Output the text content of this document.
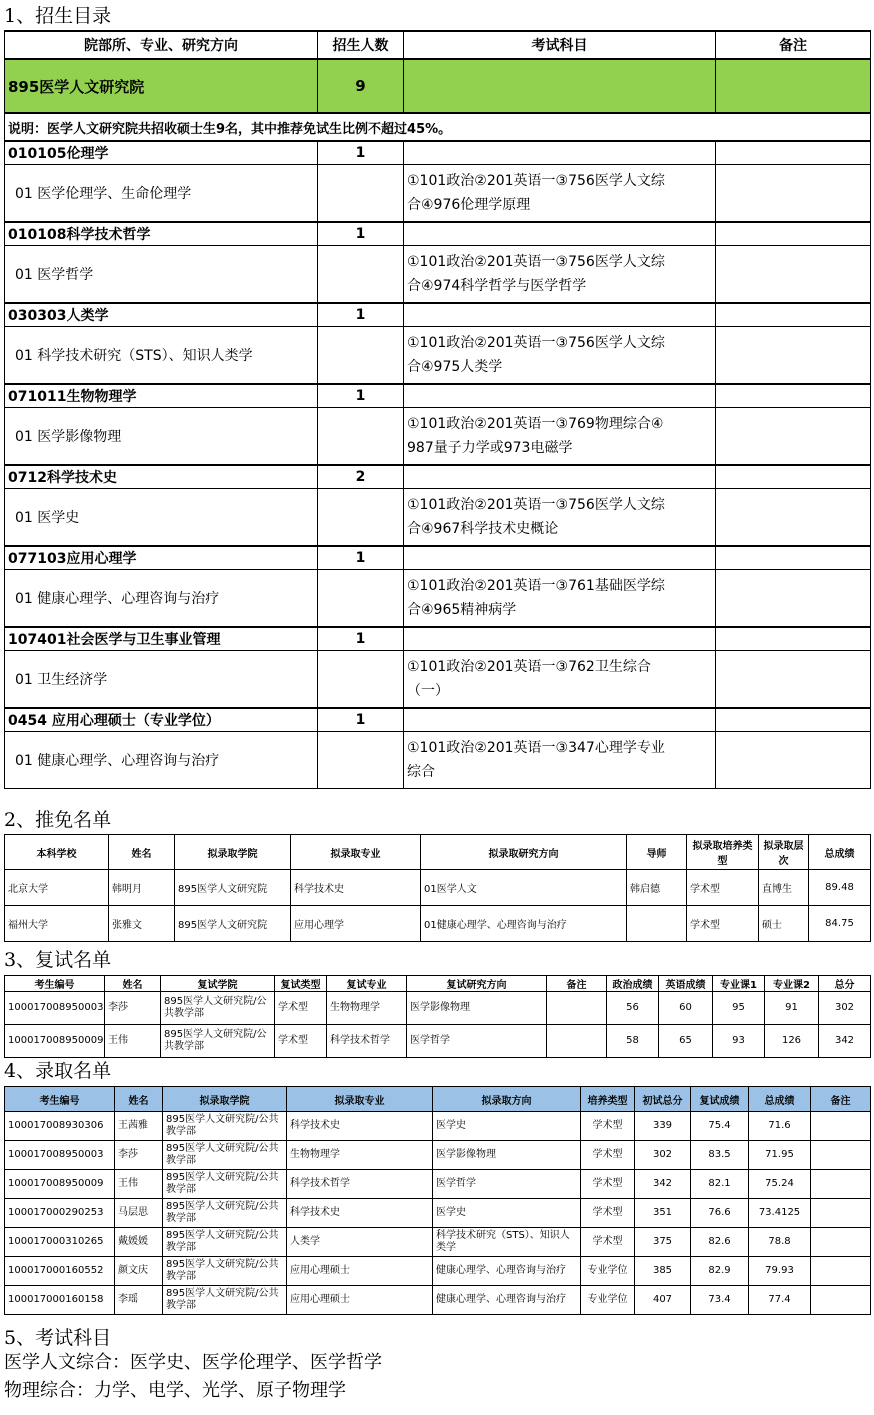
1、招生目录
院部所、专业、研究方向	招生人数	考试科目	备注
895医学人文研究院	9		
说明：医学人文研究院共招收硕士生9名，其中推荐免试生比例不超过45%。			
010105伦理学	1		
01 医学伦理学、生命伦理学		①101政治②201英语一③756医学人文综
合④976伦理学原理	

010108科学技术哲学	1		
01 医学哲学		①101政治②201英语一③756医学人文综
合④974科学哲学与医学哲学	

030303人类学	1		
01 科学技术研究（STS）、知识人类学		①101政治②201英语一③756医学人文综
合④975人类学	

071011生物物理学	1		
01 医学影像物理		①101政治②201英语一③769物理综合④
987量子力学或973电磁学	

0712科学技术史	2		
01 医学史		①101政治②201英语一③756医学人文综
合④967科学技术史概论	

077103应用心理学	1		
01 健康心理学、心理咨询与治疗		①101政治②201英语一③761基础医学综
合④965精神病学	

107401社会医学与卫生事业管理	1		
01 卫生经济学		①101政治②201英语一③762卫生综合
（一）	

0454 应用心理硕士（专业学位）	1		
01 健康心理学、心理咨询与治疗		①101政治②201英语一③347心理学专业
综合	

2、推免名单
本科学校	姓名	拟录取学院	拟录取专业	拟录取研究方向	导师	拟录取培养类型	拟录取层次	总成绩
北京大学	韩明月	895医学人文研究院	科学技术史	01医学人文	韩启德	学术型	直博生	89.48
福州大学	张雅文	895医学人文研究院	应用心理学	01健康心理学、心理咨询与治疗		学术型	硕士	84.75
3、复试名单
考生编号	姓名	复试学院	复试类型	复试专业	复试研究方向	备注	政治成绩	英语成绩	专业课1	专业课2	总分
100017008950003	李莎	895医学人文研究院/公共教学部	学术型	生物物理学	医学影像物理		56	60	95	91	302
100017008950009	王伟	895医学人文研究院/公共教学部	学术型	科学技术哲学	医学哲学		58	65	93	126	342
4、录取名单
考生编号	姓名	拟录取学院	拟录取专业	拟录取方向	培养类型	初试总分	复试成绩	总成绩	备注
100017008930306	王茜雅	895医学人文研究院/公共教学部	科学技术史	医学史	学术型	339	75.4	71.6	
100017008950003	李莎	895医学人文研究院/公共教学部	生物物理学	医学影像物理	学术型	302	83.5	71.95	
100017008950009	王伟	895医学人文研究院/公共教学部	科学技术哲学	医学哲学	学术型	342	82.1	75.24	
100017000290253	马层思	895医学人文研究院/公共教学部	科学技术史	医学史	学术型	351	76.6	73.4125	
100017000310265	戴媛媛	895医学人文研究院/公共教学部	人类学	科学技术研究（STS）、知识人类学	学术型	375	82.6	78.8	
100017000160552	颜文庆	895医学人文研究院/公共教学部	应用心理硕士	健康心理学、心理咨询与治疗	专业学位	385	82.9	79.93	
100017000160158	李瑶	895医学人文研究院/公共教学部	应用心理硕士	健康心理学、心理咨询与治疗	专业学位	407	73.4	77.4	
5、考试科目
医学人文综合：医学史、医学伦理学、医学哲学
物理综合：力学、电学、光学、原子物理学
